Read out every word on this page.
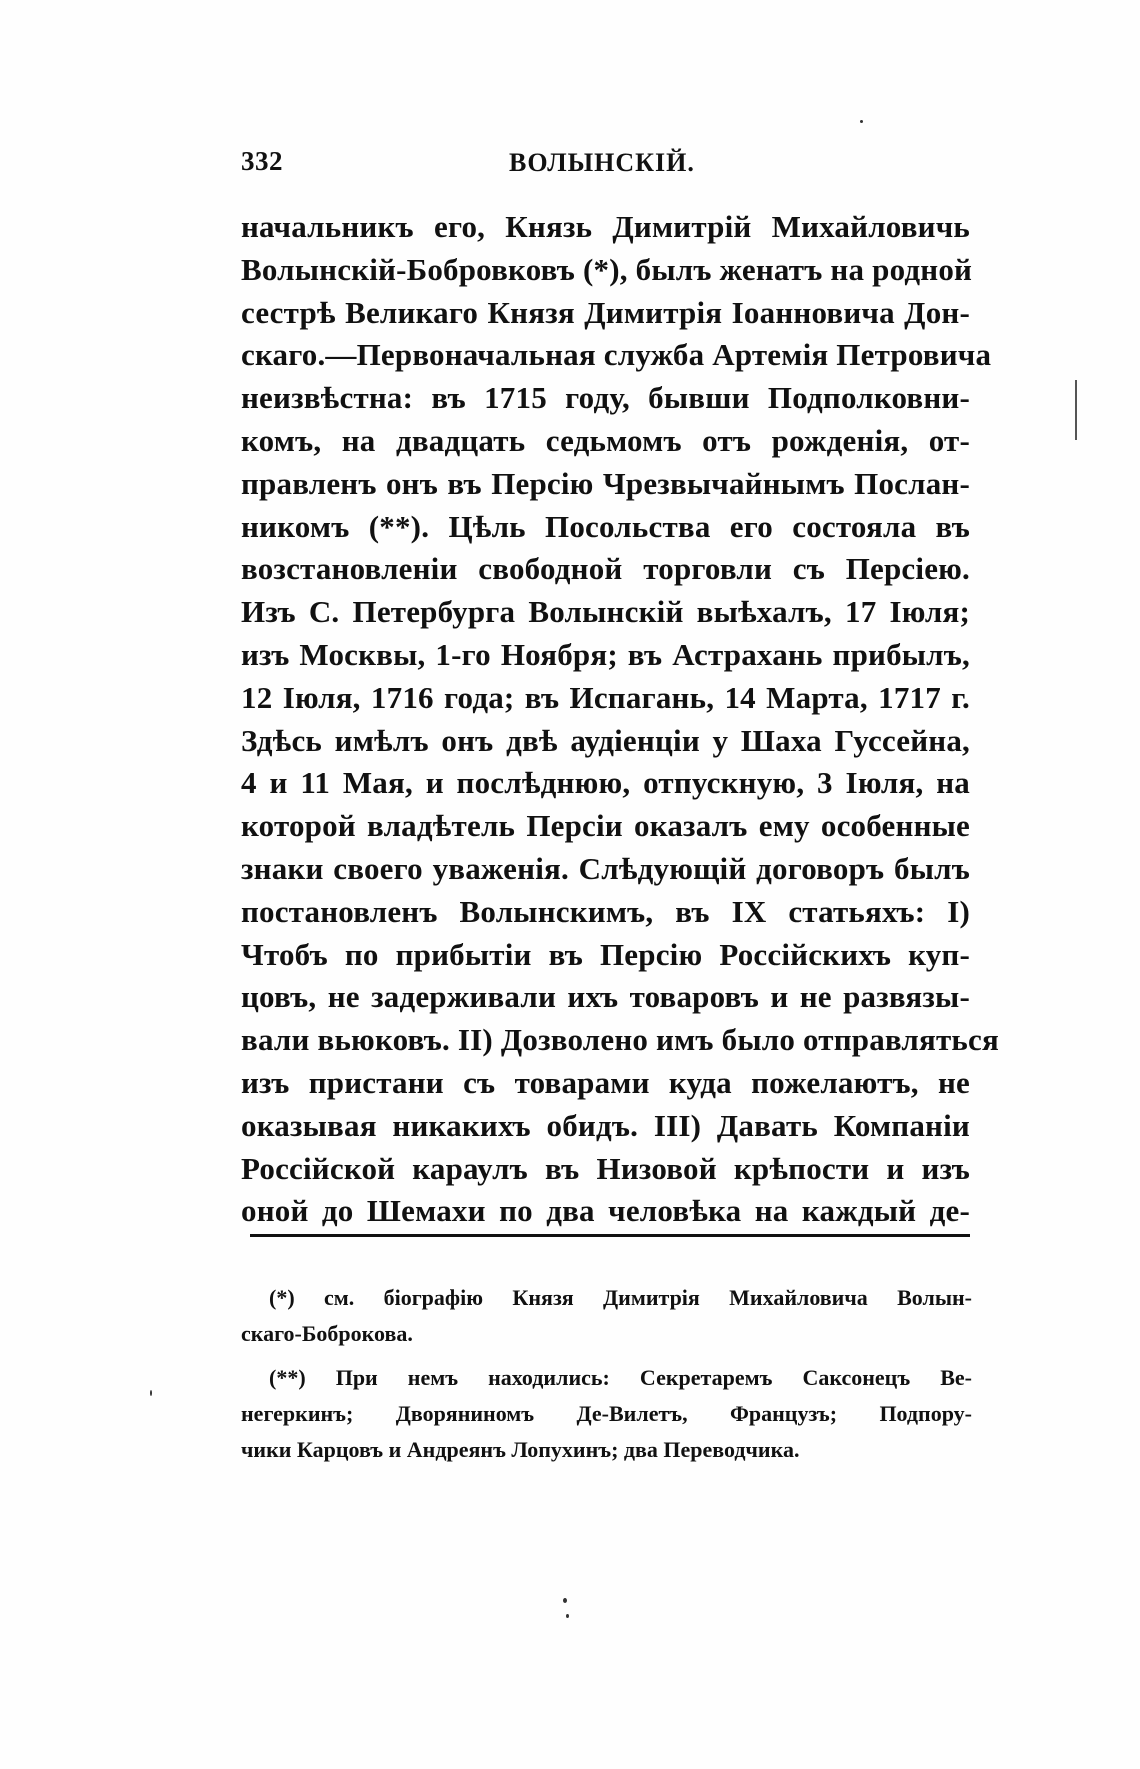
332	ВОЛЫНСКІЙ.
начальникъ его, Князь Димитрій Михайловичь
Волынскій-Бобровковъ (*), былъ женатъ на родной
сестрѣ Великаго Князя Димитрія Іоанновича Дон-
скаго.—Первоначальная служба Артемія Петровича
неизвѣстна: въ 1715 году, бывши Подполковни-
комъ, на двадцать седьмомъ отъ рожденія, от-
правленъ онъ въ Персію Чрезвычайнымъ Послан-
никомъ (**). Цѣль Посольства его состояла въ
возстановленіи свободной торговли съ Персіею.
Изъ С. Петербурга Волынскій выѣхалъ, 17 Іюля;
изъ Москвы, 1-го Ноября; въ Астрахань прибылъ,
12 Іюля, 1716 года; въ Испагань, 14 Марта, 1717 г.
Здѣсь имѣлъ онъ двѣ аудіенціи у Шаха Гуссейна,
4 и 11 Мая, и послѣднюю, отпускную, 3 Іюля, на
которой владѣтель Персіи оказалъ ему особенные
знаки своего уваженія. Слѣдующій договоръ былъ
постановленъ Волынскимъ, въ IX статьяхъ: I)
Чтобъ по прибытіи въ Персію Россійскихъ куп-
цовъ, не задерживали ихъ товаровъ и не развязы-
вали вьюковъ. II) Дозволено имъ было отправляться
изъ пристани съ товарами куда пожелаютъ, не
оказывая никакихъ обидъ. III) Давать Компаніи
Россійской караулъ въ Низовой крѣпости и изъ
оной до Шемахи по два человѣка на каждый де-
(*) см. біографію Князя Димитрія Михайловича Волын-
скаго-Боброкова.
(**) При немъ находились: Секретаремъ Саксонецъ Ве-
негеркинъ; Дворяниномъ Де-Вилетъ, Французъ; Подпору-
чики Карцовъ и Андреянъ Лопухинъ; два Переводчика.
